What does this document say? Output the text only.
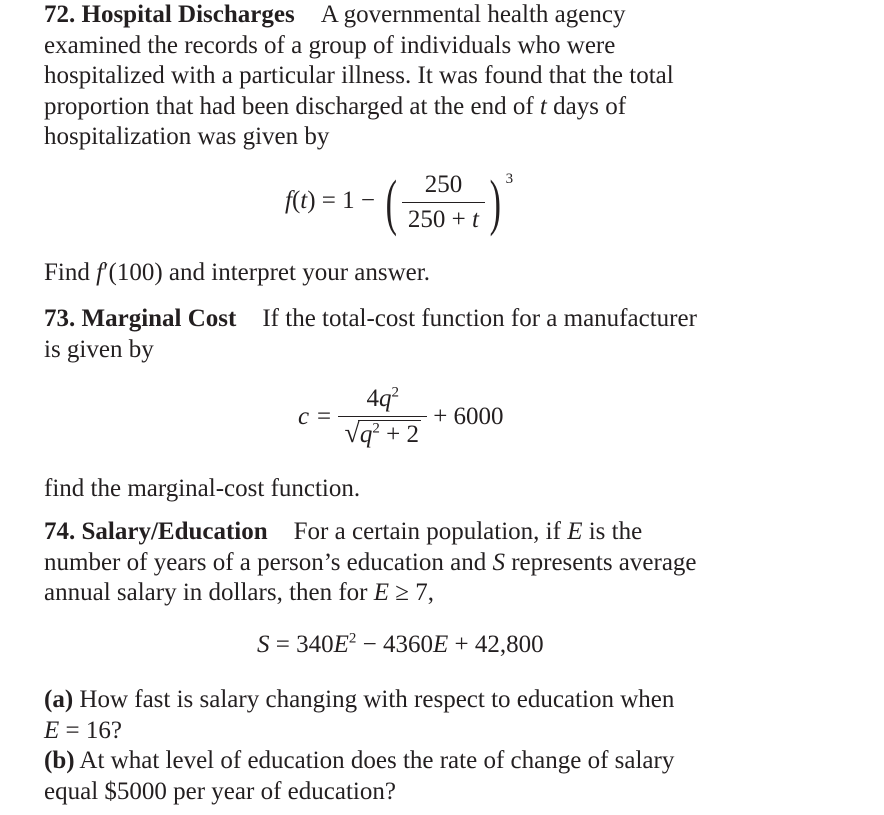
72. Hospital Discharges A governmental health agency
examined the records of a group of individuals who were
hospitalized with a particular illness. It was found that the total
proportion that had been discharged at the end of t days of
hospitalization was given by

f(t) = 1 − ( $\frac{250}{250 + t}$ ) $^3$

Find f′(100) and interpret your answer.

73. Marginal Cost If the total-cost function for a manufacturer
is given by

$c = \frac{4q^2}{√q^2 + 2} + 6000$

find the marginal-cost function.

74. Salary/Education For a certain population, if E is the
number of years of a person’s education and S represents average
annual salary in dollars, then for E ≥ 7,

$S = 340E^2 - 4360E + 42,800$

(a) How fast is salary changing with respect to education when
E = 16?
(b) At what level of education does the rate of change of salary
equal $5000 per year of education?
